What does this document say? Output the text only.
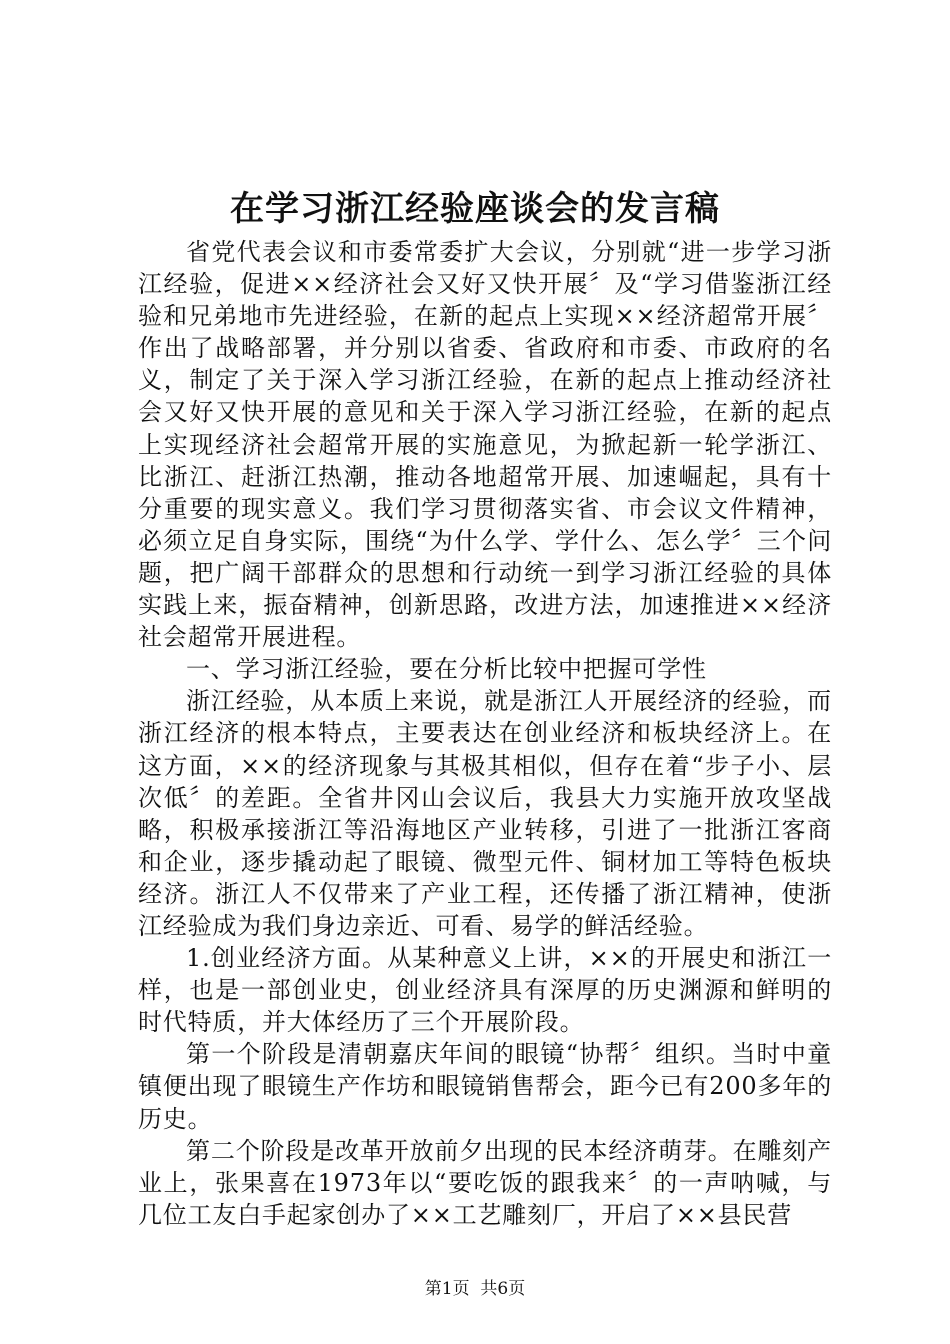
在学习浙江经验座谈会的发言稿

省党代表会议和市委常委扩大会议，分别就“进一步学习浙江经验，促进××经济社会又好又快开展〞及“学习借鉴浙江经验和兄弟地市先进经验，在新的起点上实现××经济超常开展〞作出了战略部署，并分别以省委、省政府和市委、市政府的名义，制定了关于深入学习浙江经验，在新的起点上推动经济社会又好又快开展的意见和关于深入学习浙江经验，在新的起点上实现经济社会超常开展的实施意见，为掀起新一轮学浙江、比浙江、赶浙江热潮，推动各地超常开展、加速崛起，具有十分重要的现实意义。我们学习贯彻落实省、市会议文件精神，必须立足自身实际，围绕“为什么学、学什么、怎么学〞三个问题，把广阔干部群众的思想和行动统一到学习浙江经验的具体实践上来，振奋精神，创新思路，改进方法，加速推进××经济社会超常开展进程。

一、学习浙江经验，要在分析比较中把握可学性

浙江经验，从本质上来说，就是浙江人开展经济的经验，而浙江经济的根本特点，主要表达在创业经济和板块经济上。在这方面，××的经济现象与其极其相似，但存在着“步子小、层次低〞的差距。全省井冈山会议后，我县大力实施开放攻坚战略，积极承接浙江等沿海地区产业转移，引进了一批浙江客商和企业，逐步撬动起了眼镜、微型元件、铜材加工等特色板块经济。浙江人不仅带来了产业工程，还传播了浙江精神，使浙江经验成为我们身边亲近、可看、易学的鲜活经验。

1.创业经济方面。从某种意义上讲，××的开展史和浙江一样，也是一部创业史，创业经济具有深厚的历史渊源和鲜明的时代特质，并大体经历了三个开展阶段。

第一个阶段是清朝嘉庆年间的眼镜“协帮〞组织。当时中童镇便出现了眼镜生产作坊和眼镜销售帮会，距今已有200多年的历史。

第二个阶段是改革开放前夕出现的民本经济萌芽。在雕刻产业上，张果喜在1973年以“要吃饭的跟我来〞的一声呐喊，与几位工友白手起家创办了××工艺雕刻厂，开启了××县民营

第1页 共6页
